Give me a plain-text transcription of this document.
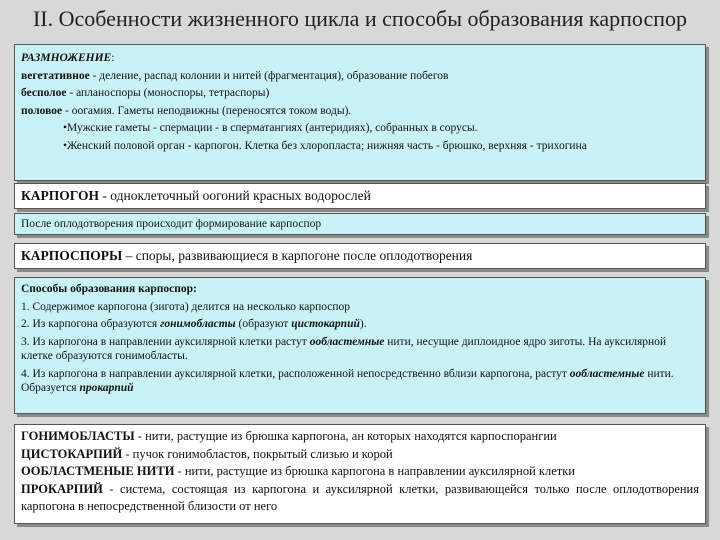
II. Особенности жизненного цикла и способы образования карпоспор

РАЗМНОЖЕНИЕ:

вегетативное - деление, распад колонии и нитей (фрагментация), образование побегов

бесполое - апланоспоры (моноспоры, тетраспоры)

половое - оогамия. Гаметы неподвижны (переносятся током воды).

•Мужские гаметы - спермации - в сперматангиях (антеридиях), собранных в сорусы.

•Женский половой орган - карпогон. Клетка без хлоропласта; нижняя часть - брюшко, верхняя - трихогина

КАРПОГОН - одноклеточный оогоний красных водорослей

После оплодотворения происходит формирование карпоспор

КАРПОСПОРЫ – споры, развивающиеся в карпогоне после оплодотворения

Способы образования карпоспор:

1. Содержимое карпогона (зигота) делится на несколько карпоспор

2. Из карпогона образуются гонимобласты (образуют цистокарпий).

3. Из карпогона в направлении ауксилярной клетки растут ообластемные нити, несущие диплоидное ядро зиготы. На ауксилярной клетке образуются гонимобласты.

4. Из карпогона в направлении ауксилярной клетки, расположенной непосредственно вблизи карпогона, растут ообластемные нити. Образуется прокарпий

ГОНИМОБЛАСТЫ - нити, растущие из брюшка карпогона, ан которых находятся карпоспорангии

ЦИСТОКАРПИЙ - пучок гонимобластов, покрытый слизью и корой

ООБЛАСТМЕНЫЕ НИТИ - нити, растущие из брюшка карпогона в направлении ауксилярной клетки

ПРОКАРПИЙ - система, состоящая из карпогона и ауксилярной клетки, развивающейся только после оплодотворения карпогона в непосредственной близости от него
